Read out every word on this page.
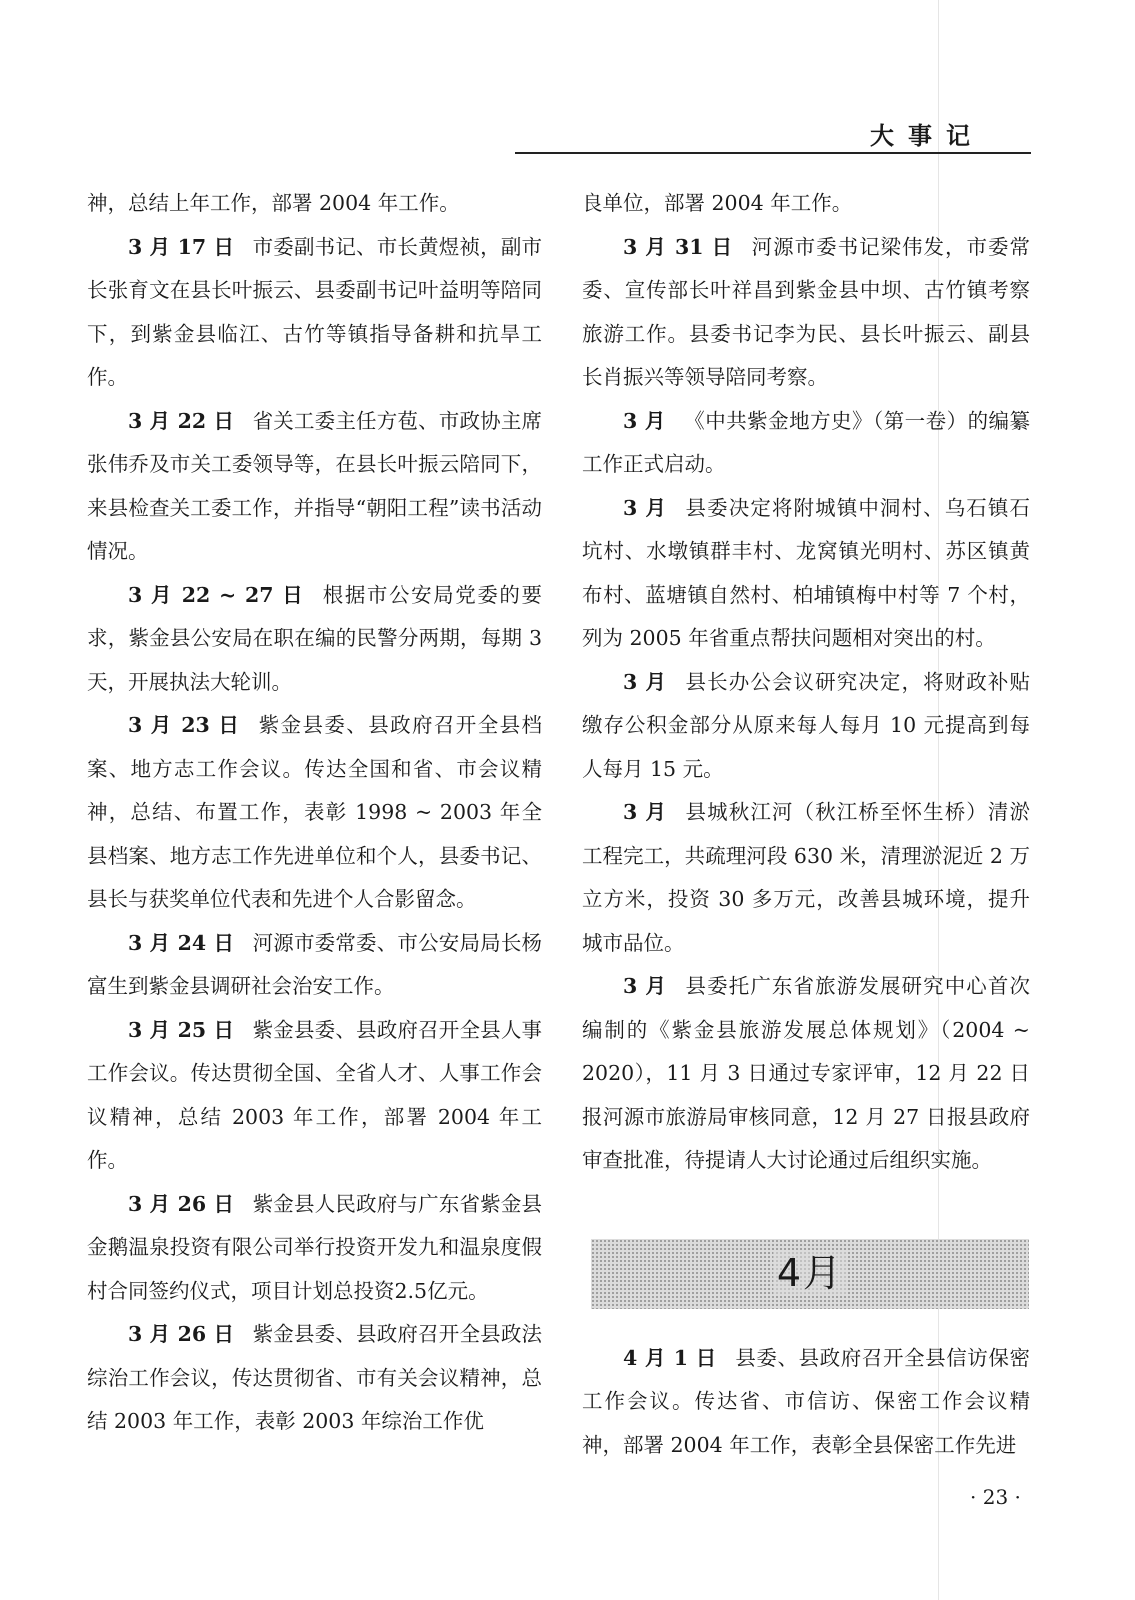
大事记

神，总结上年工作，部署 2004 年工作。

3 月 17 日 市委副书记、市长黄煜祯，副市长张育文在县长叶振云、县委副书记叶益明等陪同下，到紫金县临江、古竹等镇指导备耕和抗旱工作。

3 月 22 日 省关工委主任方苞、市政协主席张伟乔及市关工委领导等，在县长叶振云陪同下，来县检查关工委工作，并指导“朝阳工程”读书活动情况。

3 月 22 ~ 27 日 根据市公安局党委的要求，紫金县公安局在职在编的民警分两期，每期 3 天，开展执法大轮训。

3 月 23 日 紫金县委、县政府召开全县档案、地方志工作会议。传达全国和省、市会议精神，总结、布置工作，表彰 1998 ~ 2003 年全县档案、地方志工作先进单位和个人，县委书记、县长与获奖单位代表和先进个人合影留念。

3 月 24 日 河源市委常委、市公安局局长杨富生到紫金县调研社会治安工作。

3 月 25 日 紫金县委、县政府召开全县人事工作会议。传达贯彻全国、全省人才、人事工作会议精神，总结 2003 年工作，部署 2004 年工作。

3 月 26 日 紫金县人民政府与广东省紫金县金鹅温泉投资有限公司举行投资开发九和温泉度假村合同签约仪式，项目计划总投资2.5亿元。

3 月 26 日 紫金县委、县政府召开全县政法综治工作会议，传达贯彻省、市有关会议精神，总结 2003 年工作，表彰 2003 年综治工作优

良单位，部署 2004 年工作。

3 月 31 日 河源市委书记梁伟发，市委常委、宣传部长叶祥昌到紫金县中坝、古竹镇考察旅游工作。县委书记李为民、县长叶振云、副县长肖振兴等领导陪同考察。

3 月 《中共紫金地方史》（第一卷）的编纂工作正式启动。

3 月 县委决定将附城镇中洞村、乌石镇石坑村、水墩镇群丰村、龙窝镇光明村、苏区镇黄布村、蓝塘镇自然村、柏埔镇梅中村等 7 个村，列为 2005 年省重点帮扶问题相对突出的村。

3 月 县长办公会议研究决定，将财政补贴缴存公积金部分从原来每人每月 10 元提高到每人每月 15 元。

3 月 县城秋江河（秋江桥至怀生桥）清淤工程完工，共疏理河段 630 米，清理淤泥近 2 万立方米，投资 30 多万元，改善县城环境，提升城市品位。

3 月 县委托广东省旅游发展研究中心首次编制的《紫金县旅游发展总体规划》（2004 ~ 2020），11 月 3 日通过专家评审，12 月 22 日报河源市旅游局审核同意，12 月 27 日报县政府审查批准，待提请人大讨论通过后组织实施。

4月

4 月 1 日 县委、县政府召开全县信访保密工作会议。传达省、市信访、保密工作会议精神，部署 2004 年工作，表彰全县保密工作先进

· 23 ·
